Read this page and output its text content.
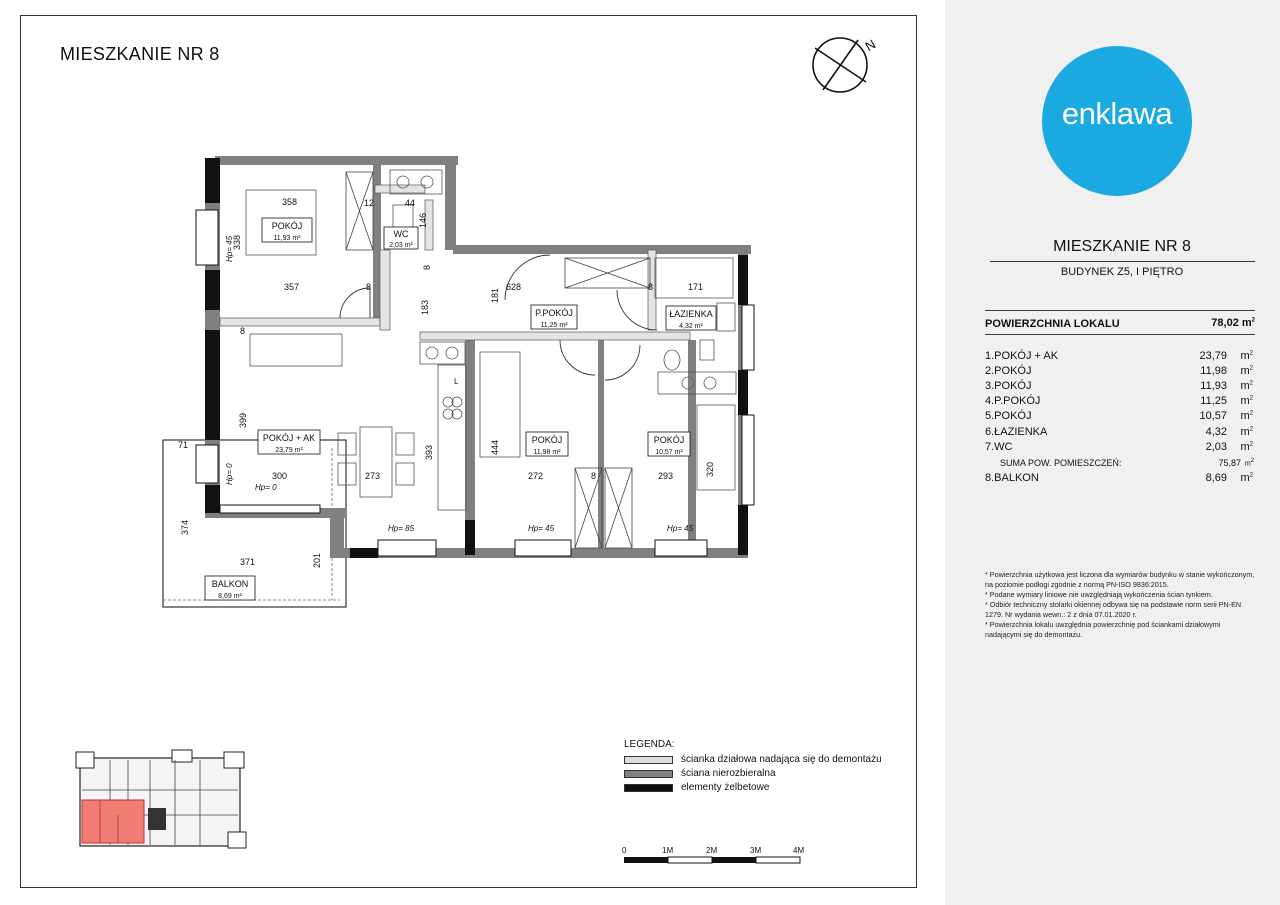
MIESZKANIE NR 8	N
POKÓJ
11,93 m²	WC
2,03 m²
P.POKÓJ
11,25 m²
ŁAZIENKA
4,32 m²
POKÓJ + AK
23,79 m²
POKÓJ
11,98 m²
POKÓJ
10,57 m²
BALKON
8,69 m²
358
338
12	44
146
357	8
8
183
181
628	8	171
8
399
300	273
393	444
272	8	293	320
374
371	201
71
Hp= 45
Hp= 0
Hp= 0
Hp= 85	Hp= 45	Hp= 45
L
LEGENDA:
ścianka działowa nadająca się do demontażu
ściana nierozbieralna
elementy żelbetowe
0	1M	2M	3M	4M
enklawa
MIESZKANIE NR 8
BUDYNEK Z5, I PIĘTRO
POWIERZCHNIA LOKALU	78,02 $m^2$
1.POKÓJ + AK	23,79 $m^2$
2.POKÓJ	11,98 $m^2$
3.POKÓJ	11,93 $m^2$
4.P.POKÓJ	11,25 $m^2$
5.POKÓJ	10,57 $m^2$
6.ŁAZIENKA	4,32 $m^2$
7.WC	2,03 $m^2$
SUMA POW. POMIESZCZEŃ:	75,87 $m^2$
8.BALKON	8,69 $m^2$
* Powierzchnia użytkowa jest liczona dla wymiarów budynku w stanie wykończonym, na poziomie podłogi zgodnie z normą PN-ISO 9836:2015.
* Podane wymiary liniowe nie uwzględniają wykończenia ścian tynkiem.
* Odbiór techniczny stolarki okiennej odbywa się na podstawie norm serii PN-EN 1279. Nr wydania wewn.: 2 z dnia 07.01.2020 r.
* Powierzchnia lokalu uwzględnia powierzchnię pod ściankami działowymi nadającymi się do demontażu.
